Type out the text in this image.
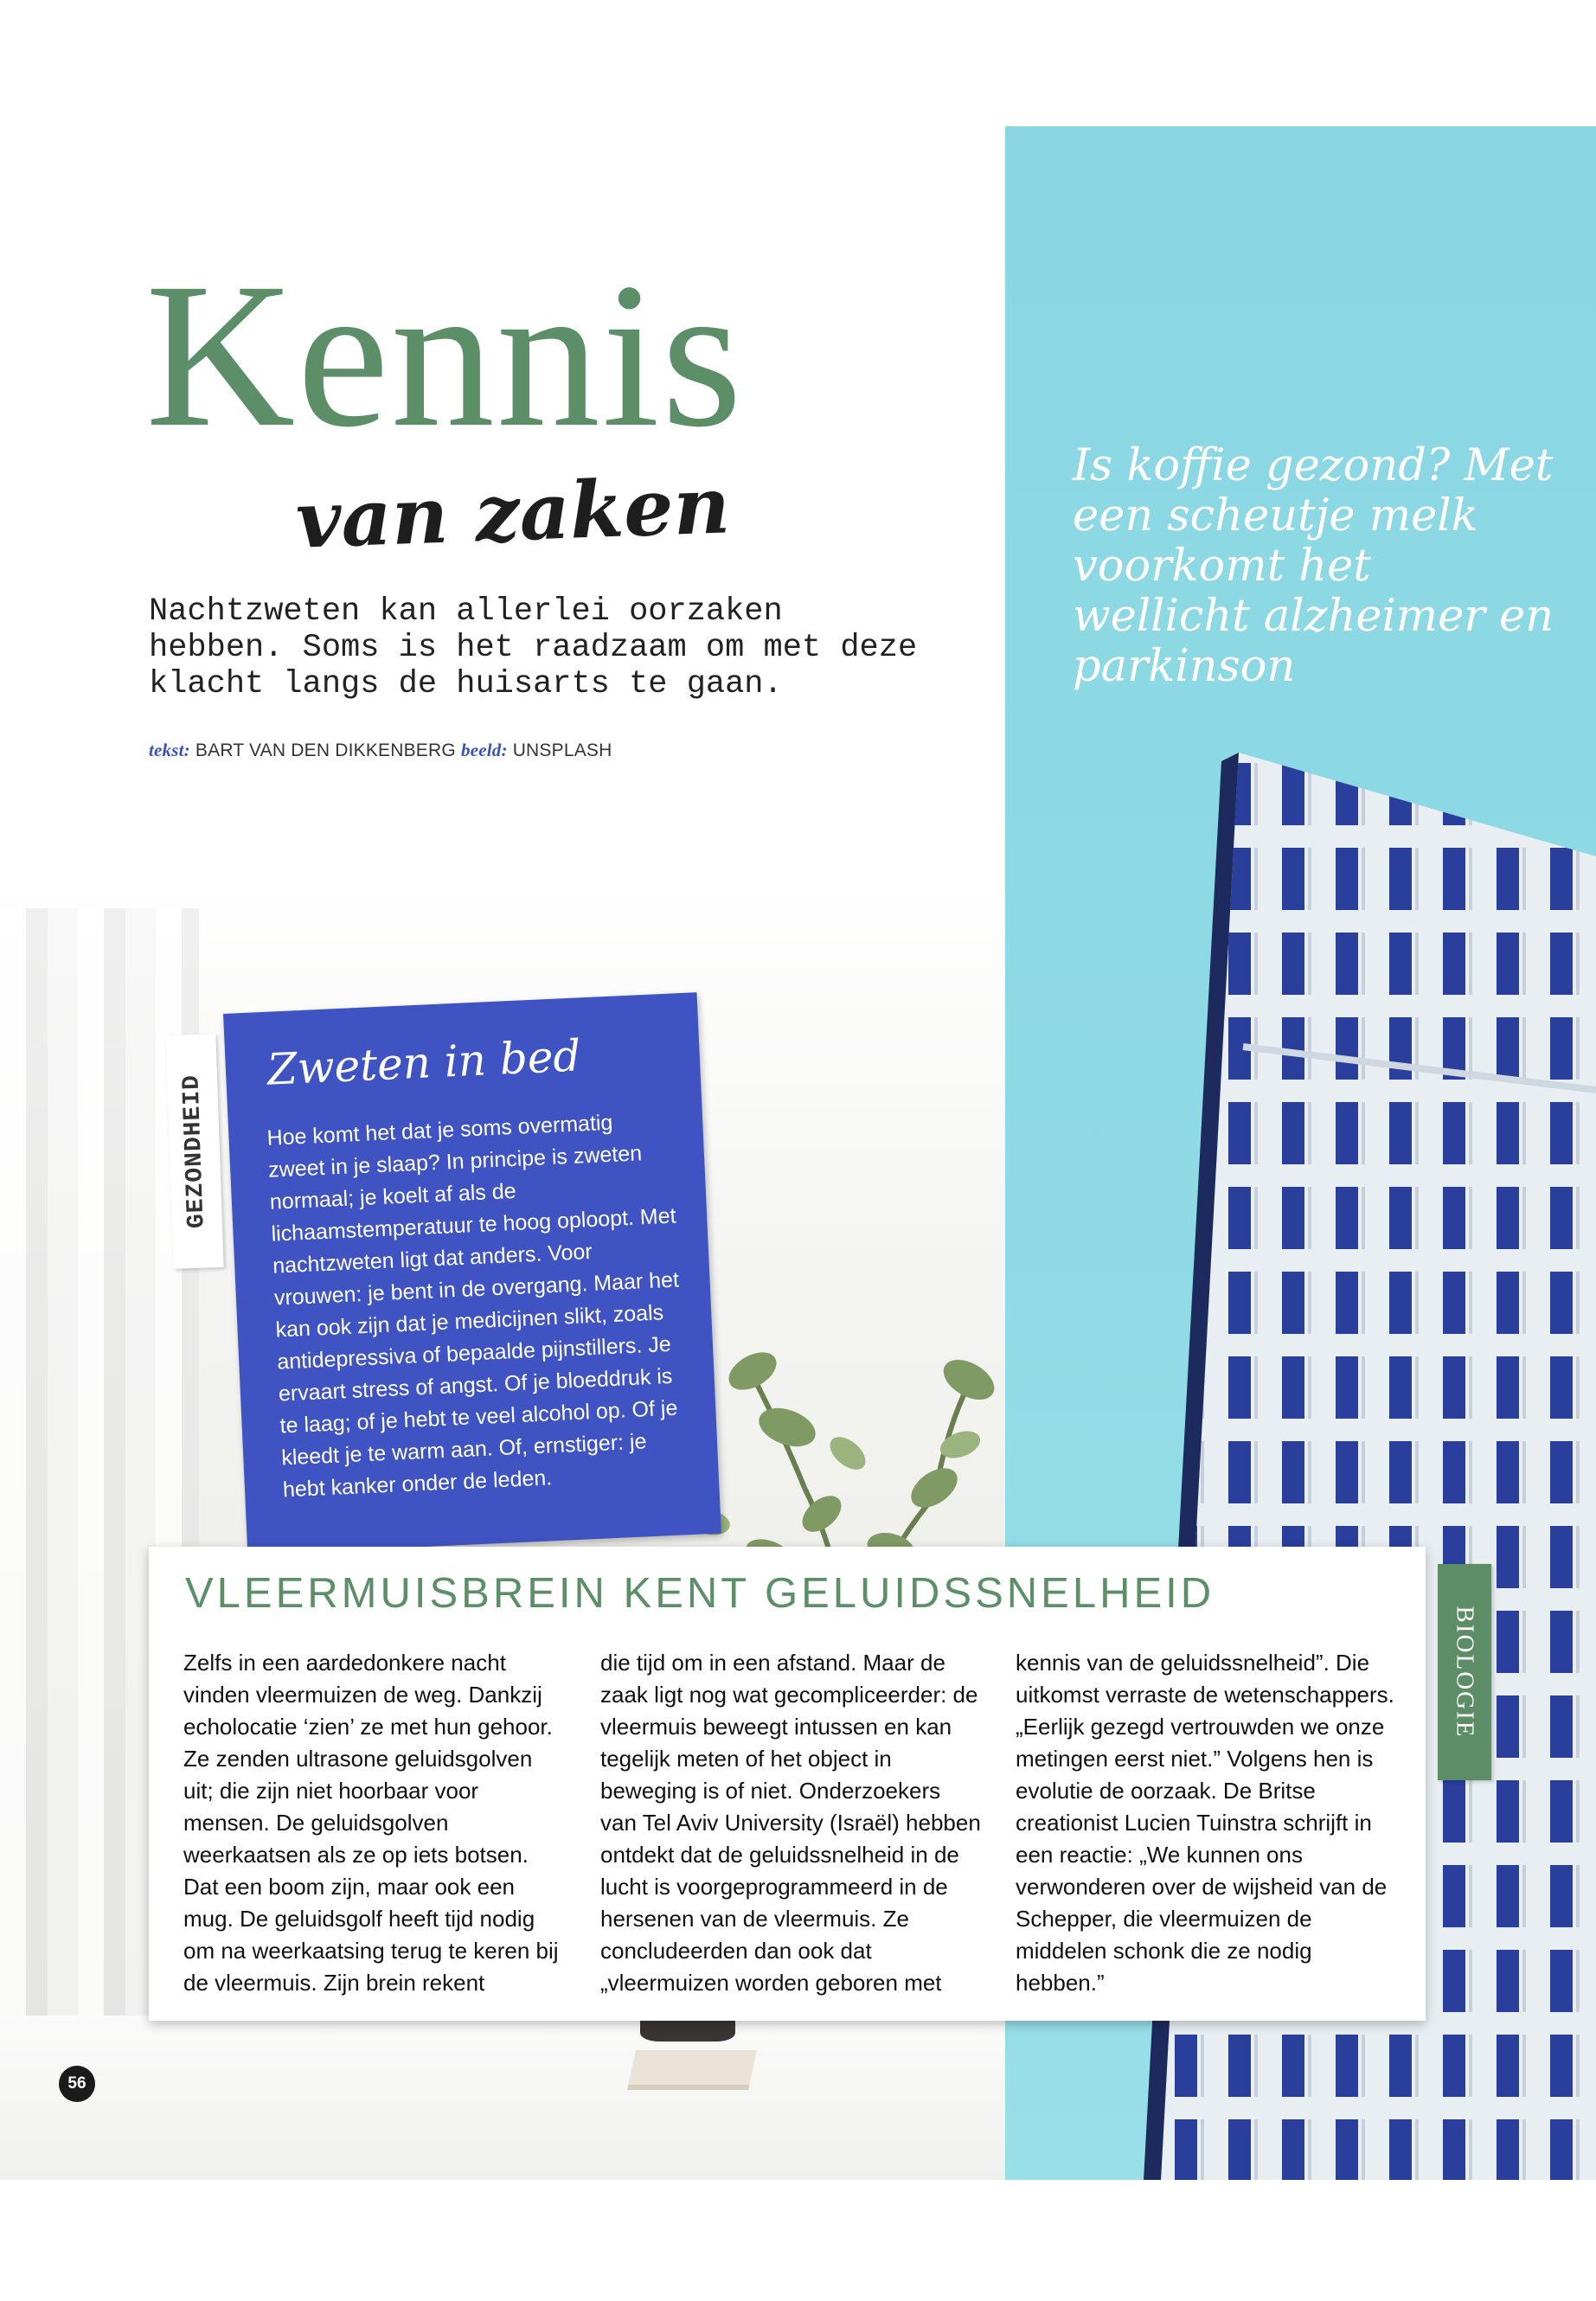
Kennis
van zaken
Nachtzweten kan allerlei oorzaken hebben. Soms is het raadzaam om met deze klacht langs de huisarts te gaan.
tekst: BART VAN DEN DIKKENBERG beeld: UNSPLASH
Is koffie gezond? Met een scheutje melk voorkomt het wellicht alzheimer en parkinson
GEZONDHEID
Zweten in bed
Hoe komt het dat je soms overmatig zweet in je slaap? In principe is zweten normaal; je koelt af als de lichaamstemperatuur te hoog oploopt. Met nachtzweten ligt dat anders. Voor vrouwen: je bent in de overgang. Maar het kan ook zijn dat je medicijnen slikt, zoals antidepressiva of bepaalde pijnstillers. Je ervaart stress of angst. Of je bloeddruk is te laag; of je hebt te veel alcohol op. Of je kleedt je te warm aan. Of, ernstiger: je hebt kanker onder de leden.
VLEERMUISBREIN KENT GELUIDSSNELHEID
Zelfs in een aardedonkere nacht vinden vleermuizen de weg. Dankzij echolocatie ‘zien’ ze met hun gehoor. Ze zenden ultrasone geluidsgolven uit; die zijn niet hoorbaar voor mensen. De geluidsgolven weerkaatsen als ze op iets botsen. Dat een boom zijn, maar ook een mug. De geluidsgolf heeft tijd nodig om na weerkaatsing terug te keren bij de vleermuis. Zijn brein rekent
die tijd om in een afstand. Maar de zaak ligt nog wat gecompliceerder: de vleermuis beweegt intussen en kan tegelijk meten of het object in beweging is of niet. Onderzoekers van Tel Aviv University (Israël) hebben ontdekt dat de geluidssnelheid in de lucht is voorgeprogrammeerd in de hersenen van de vleermuis. Ze concludeerden dan ook dat „vleermuizen worden geboren met
kennis van de geluidssnelheid”. Die uitkomst verraste de wetenschappers. „Eerlijk gezegd vertrouwden we onze metingen eerst niet.” Volgens hen is evolutie de oorzaak. De Britse creationist Lucien Tuinstra schrijft in een reactie: „We kunnen ons verwonderen over de wijsheid van de Schepper, die vleermuizen de middelen schonk die ze nodig hebben.”
BIOLOGIE
56
